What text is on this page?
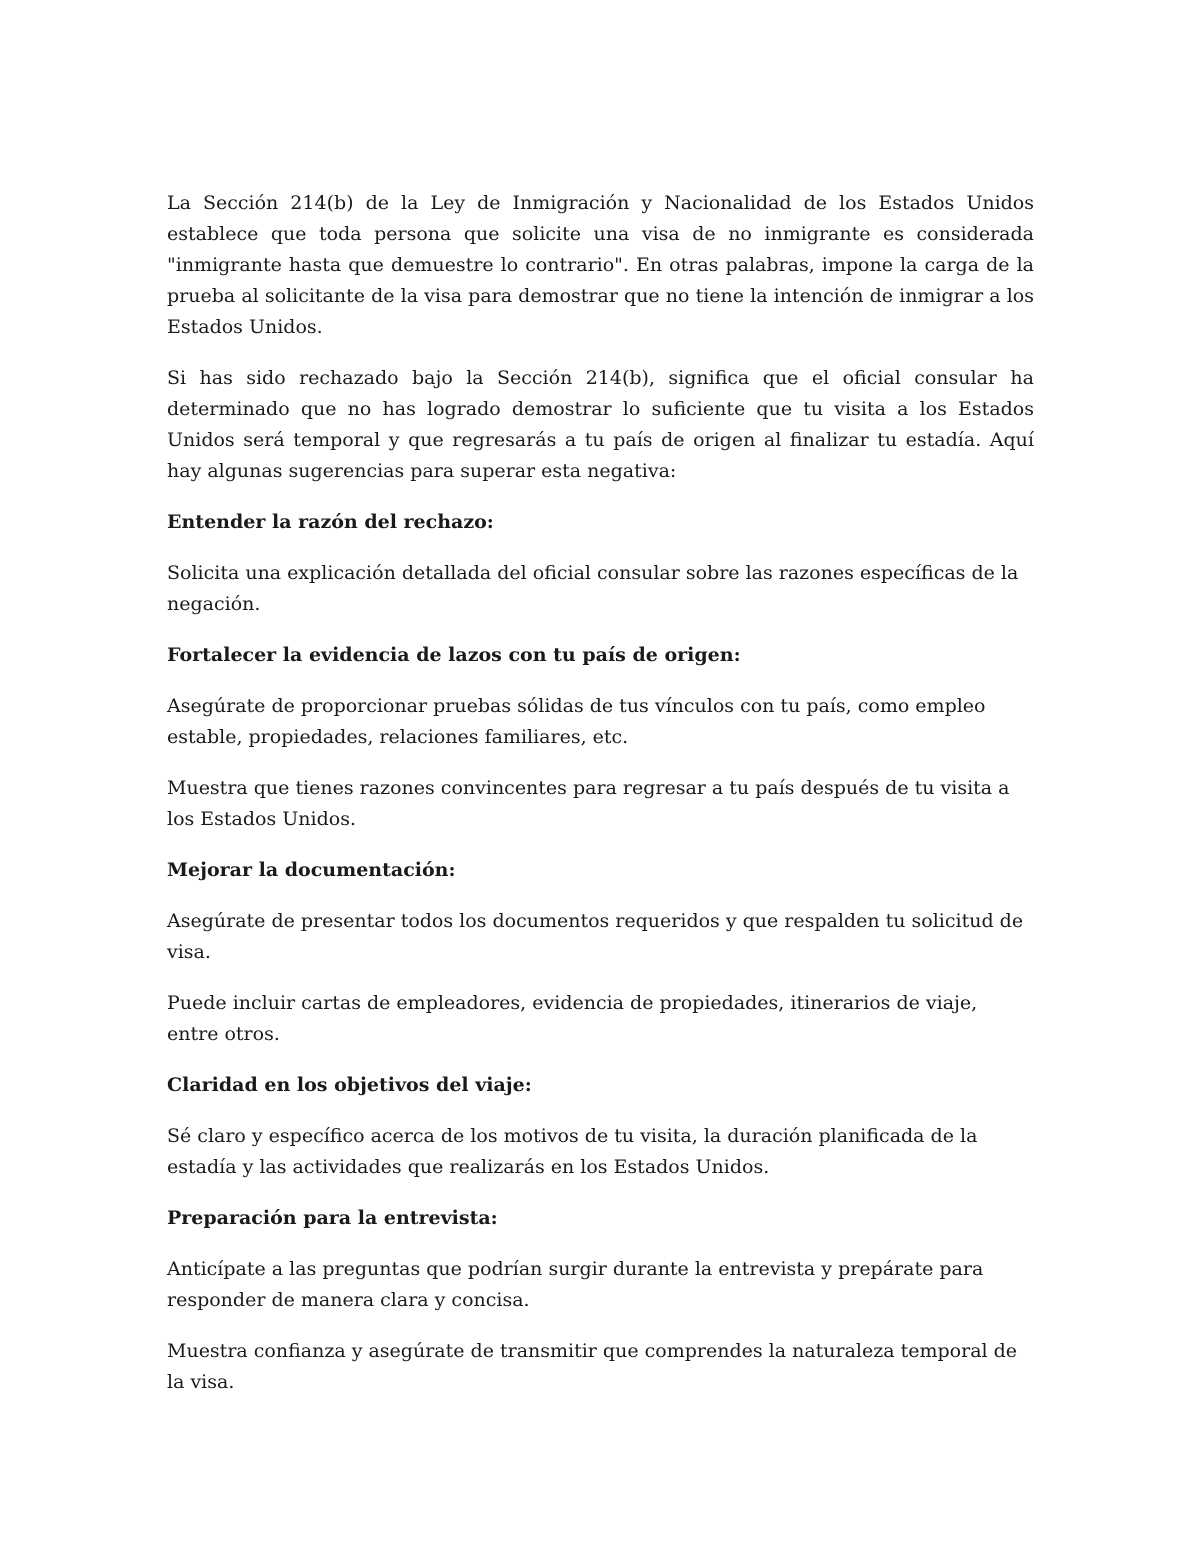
La Sección 214(b) de la Ley de Inmigración y Nacionalidad de los Estados Unidos establece que toda persona que solicite una visa de no inmigrante es considerada "inmigrante hasta que demuestre lo contrario". En otras palabras, impone la carga de la prueba al solicitante de la visa para demostrar que no tiene la intención de inmigrar a los Estados Unidos.

Si has sido rechazado bajo la Sección 214(b), significa que el oficial consular ha determinado que no has logrado demostrar lo suficiente que tu visita a los Estados Unidos será temporal y que regresarás a tu país de origen al finalizar tu estadía. Aquí hay algunas sugerencias para superar esta negativa:

Entender la razón del rechazo:

Solicita una explicación detallada del oficial consular sobre las razones específicas de la negación.

Fortalecer la evidencia de lazos con tu país de origen:

Asegúrate de proporcionar pruebas sólidas de tus vínculos con tu país, como empleo estable, propiedades, relaciones familiares, etc.

Muestra que tienes razones convincentes para regresar a tu país después de tu visita a los Estados Unidos.

Mejorar la documentación:

Asegúrate de presentar todos los documentos requeridos y que respalden tu solicitud de visa.

Puede incluir cartas de empleadores, evidencia de propiedades, itinerarios de viaje, entre otros.

Claridad en los objetivos del viaje:

Sé claro y específico acerca de los motivos de tu visita, la duración planificada de la estadía y las actividades que realizarás en los Estados Unidos.

Preparación para la entrevista:

Anticípate a las preguntas que podrían surgir durante la entrevista y prepárate para responder de manera clara y concisa.

Muestra confianza y asegúrate de transmitir que comprendes la naturaleza temporal de la visa.
